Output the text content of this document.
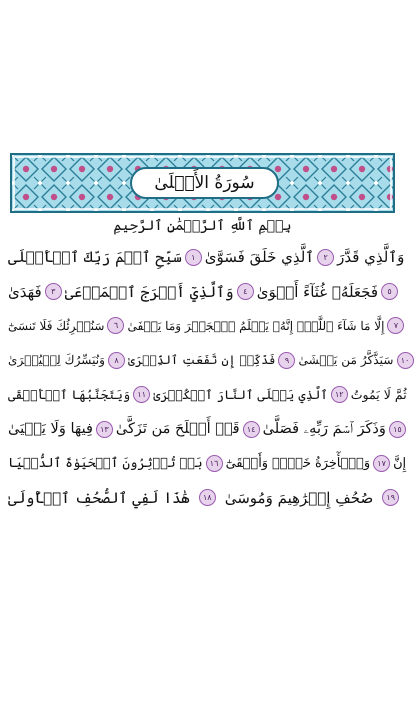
سُورَةُ الأَعۡلَىٰ
بِسۡمِ ٱللَّهِ ٱلرَّحۡمَٰنِ ٱلرَّحِيمِ
سَبِّحِ ٱسۡمَ رَبِّكَ ٱلۡأَعۡلَى	١ ٱلَّذِي خَلَقَ فَسَوَّىٰ	٢ وَٱلَّذِي قَدَّرَ
فَهَدَىٰ	٣ وَٱلَّذِيٓ أَخۡرَجَ ٱلۡمَرۡعَىٰ	٤ فَجَعَلَهُۥ غُثَآءً أَحۡوَىٰ	٥
سَنُقۡرِئُكَ فَلَا تَنسَىٰٓ	٦ إِلَّا مَا شَآءَ ٱللَّهُۚ إِنَّهُۥ يَعۡلَمُ ٱلۡجَهۡرَ وَمَا يَخۡفَىٰ	٧
وَنُيَسِّرُكَ لِلۡيُسۡرَىٰ	٨ فَذَكِّرۡ إِن نَّفَعَتِ ٱلذِّكۡرَىٰ	٩ سَيَذَّكَّرُ مَن يَخۡشَىٰ ١٠
وَيَتَجَنَّبُهَا ٱلۡأَشۡقَى ١١ ٱلَّذِي يَصۡلَى ٱلنَّارَ ٱلۡكُبۡرَىٰ ١٢ ثُمَّ لَا يَمُوتُ
فِيهَا وَلَا يَحۡيَىٰ ١٣ قَدۡ أَفۡلَحَ مَن تَزَكَّىٰ ١٤ وَذَكَرَ ٱسۡمَ رَبِّهِۦ فَصَلَّىٰ ١٥
بَلۡ تُؤۡثِرُونَ ٱلۡحَيَوٰةَ ٱلدُّنۡيَا ١٦ وَٱلۡأٓخِرَةُ خَيۡرٞ وَأَبۡقَىٰٓ ١٧ إِنَّ
هَٰذَا لَفِي ٱلصُّحُفِ ٱلۡأُولَىٰ	١٨ صُحُفِ إِبۡرَٰهِيمَ وَمُوسَىٰ	١٩
